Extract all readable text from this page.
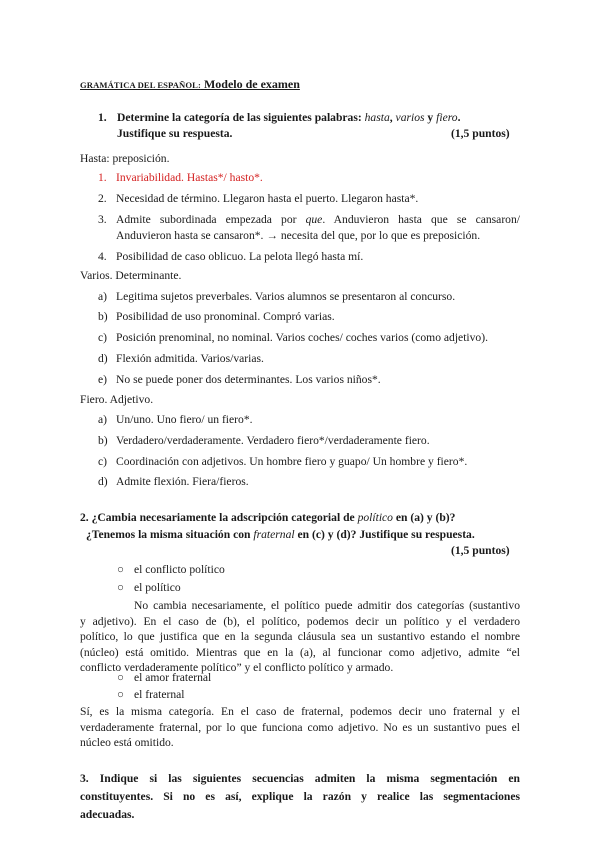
GRAMÁTICA DEL ESPAÑOL: Modelo de examen
1. Determine la categoría de las siguientes palabras: hasta, varios y fiero.
Justifique su respuesta.	(1,5 puntos)
Hasta: preposición.
1. Invariabilidad. Hastas*/ hasto*.
2. Necesidad de término. Llegaron hasta el puerto. Llegaron hasta*.
3. Admite subordinada empezada por que. Anduvieron hasta que se cansaron/
Anduvieron hasta se cansaron*. → necesita del que, por lo que es preposición.
4. Posibilidad de caso oblicuo. La pelota llegó hasta mí.
Varios. Determinante.
a) Legitima sujetos preverbales. Varios alumnos se presentaron al concurso.
b) Posibilidad de uso pronominal. Compró varias.
c) Posición prenominal, no nominal. Varios coches/ coches varios (como adjetivo).
d) Flexión admitida. Varios/varias.
e) No se puede poner dos determinantes. Los varios niños*.
Fiero. Adjetivo.
a) Un/uno. Uno fiero/ un fiero*.
b) Verdadero/verdaderamente. Verdadero fiero*/verdaderamente fiero.
c) Coordinación con adjetivos. Un hombre fiero y guapo/ Un hombre y fiero*.
d) Admite flexión. Fiera/fieros.
2. ¿Cambia necesariamente la adscripción categorial de político en (a) y (b)?
¿Tenemos la misma situación con fraternal en (c) y (d)? Justifique su respuesta.
(1,5 puntos)
○ el conflicto político
○ el político
No cambia necesariamente, el político puede admitir dos categorías (sustantivo
y adjetivo). En el caso de (b), el político, podemos decir un político y el verdadero
político, lo que justifica que en la segunda cláusula sea un sustantivo estando el nombre
(núcleo) está omitido. Mientras que en la (a), al funcionar como adjetivo, admite “el
conflicto verdaderamente político” y el conflicto político y armado.
○ el amor fraternal
○ el fraternal
Sí, es la misma categoría. En el caso de fraternal, podemos decir uno fraternal y el
verdaderamente fraternal, por lo que funciona como adjetivo. No es un sustantivo pues el
núcleo está omitido.
3. Indique si las siguientes secuencias admiten la misma segmentación en
constituyentes. Si no es así, explique la razón y realice las segmentaciones
adecuadas.
